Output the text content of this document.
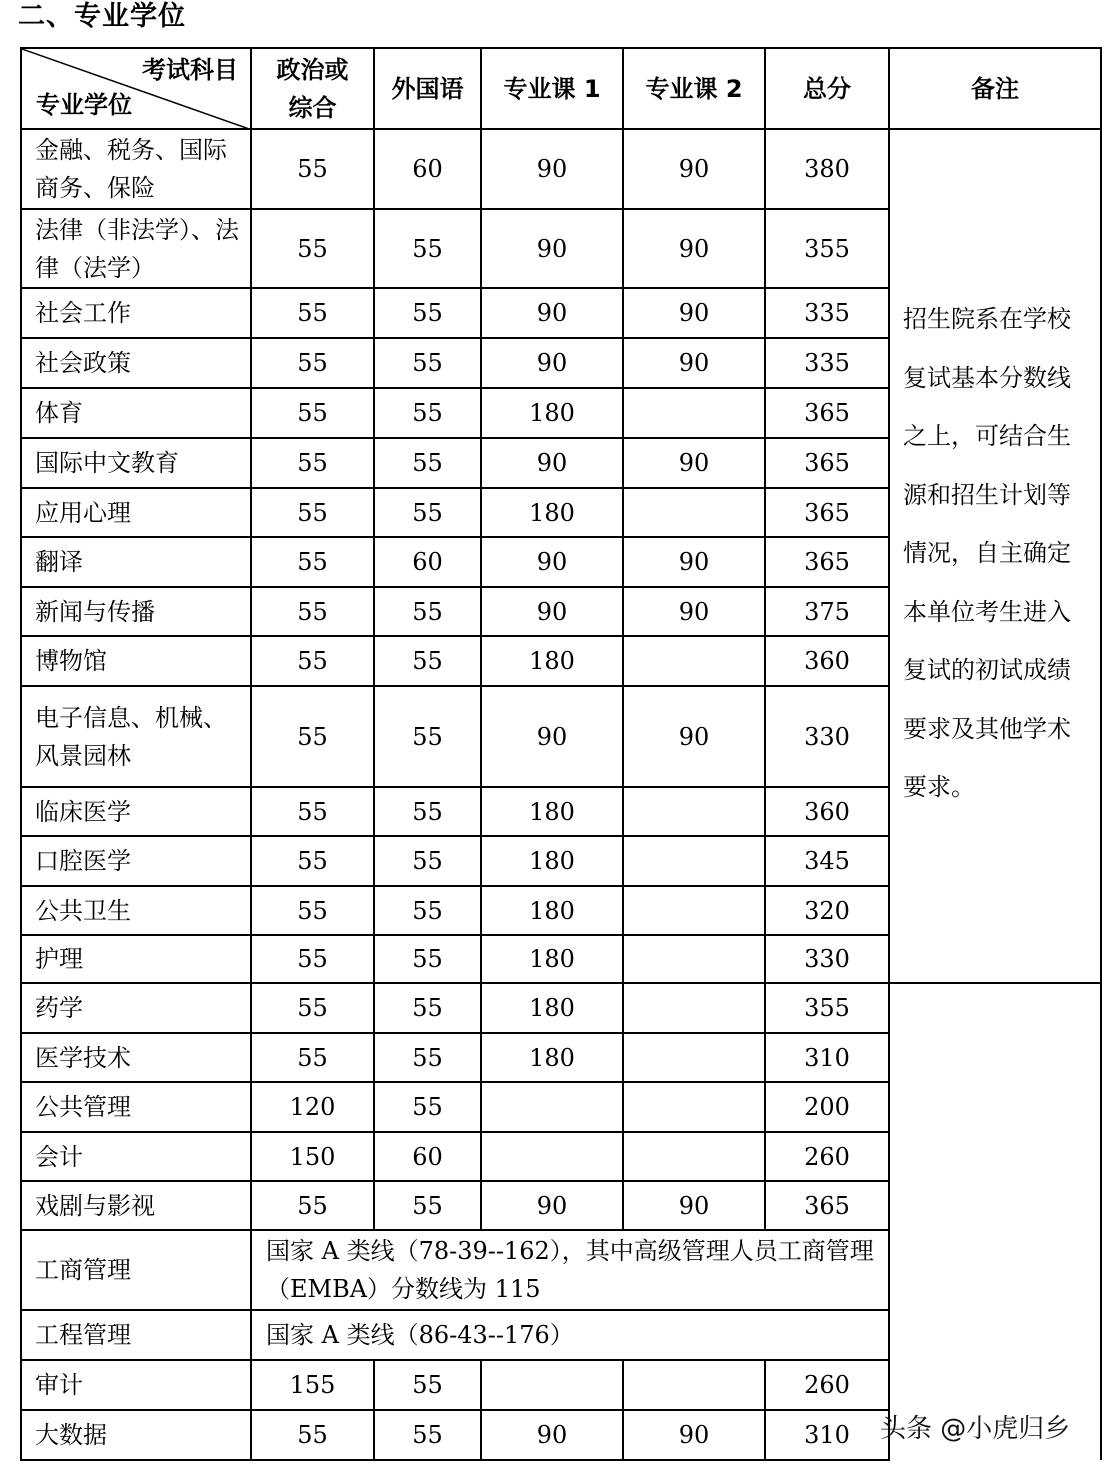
二、专业学位
考试科目
专业学位	政治或综合	外国语	专业课 1	专业课 2	总分	备注
金融、税务、国际商务、保险	55	60	90	90	380	招生院系在学校复试基本分数线之上，可结合生源和招生计划等情况，自主确定本单位考生进入复试的初试成绩要求及其他学术要求。
法律（非法学）、法律（法学）	55	55	90	90	355	
社会工作	55	55	90	90	335	
社会政策	55	55	90	90	335	
体育	55	55	180		365	
国际中文教育	55	55	90	90	365	
应用心理	55	55	180		365	
翻译	55	60	90	90	365	
新闻与传播	55	55	90	90	375	
博物馆	55	55	180		360	
电子信息、机械、风景园林	55	55	90	90	330	
临床医学	55	55	180		360	
口腔医学	55	55	180		345	
公共卫生	55	55	180		320	
护理	55	55	180		330	
药学	55	55	180		355	
医学技术	55	55	180		310	
公共管理	120	55			200	
会计	150	60			260	
戏剧与影视	55	55	90	90	365	
工商管理	国家 A 类线（78-39--162），其中高级管理人员工商管理（EMBA）分数线为 115					
工程管理	国家 A 类线（86-43--176）					
审计	155	55			260	
大数据	55	55	90	90	310	头条 @小虎归乡
